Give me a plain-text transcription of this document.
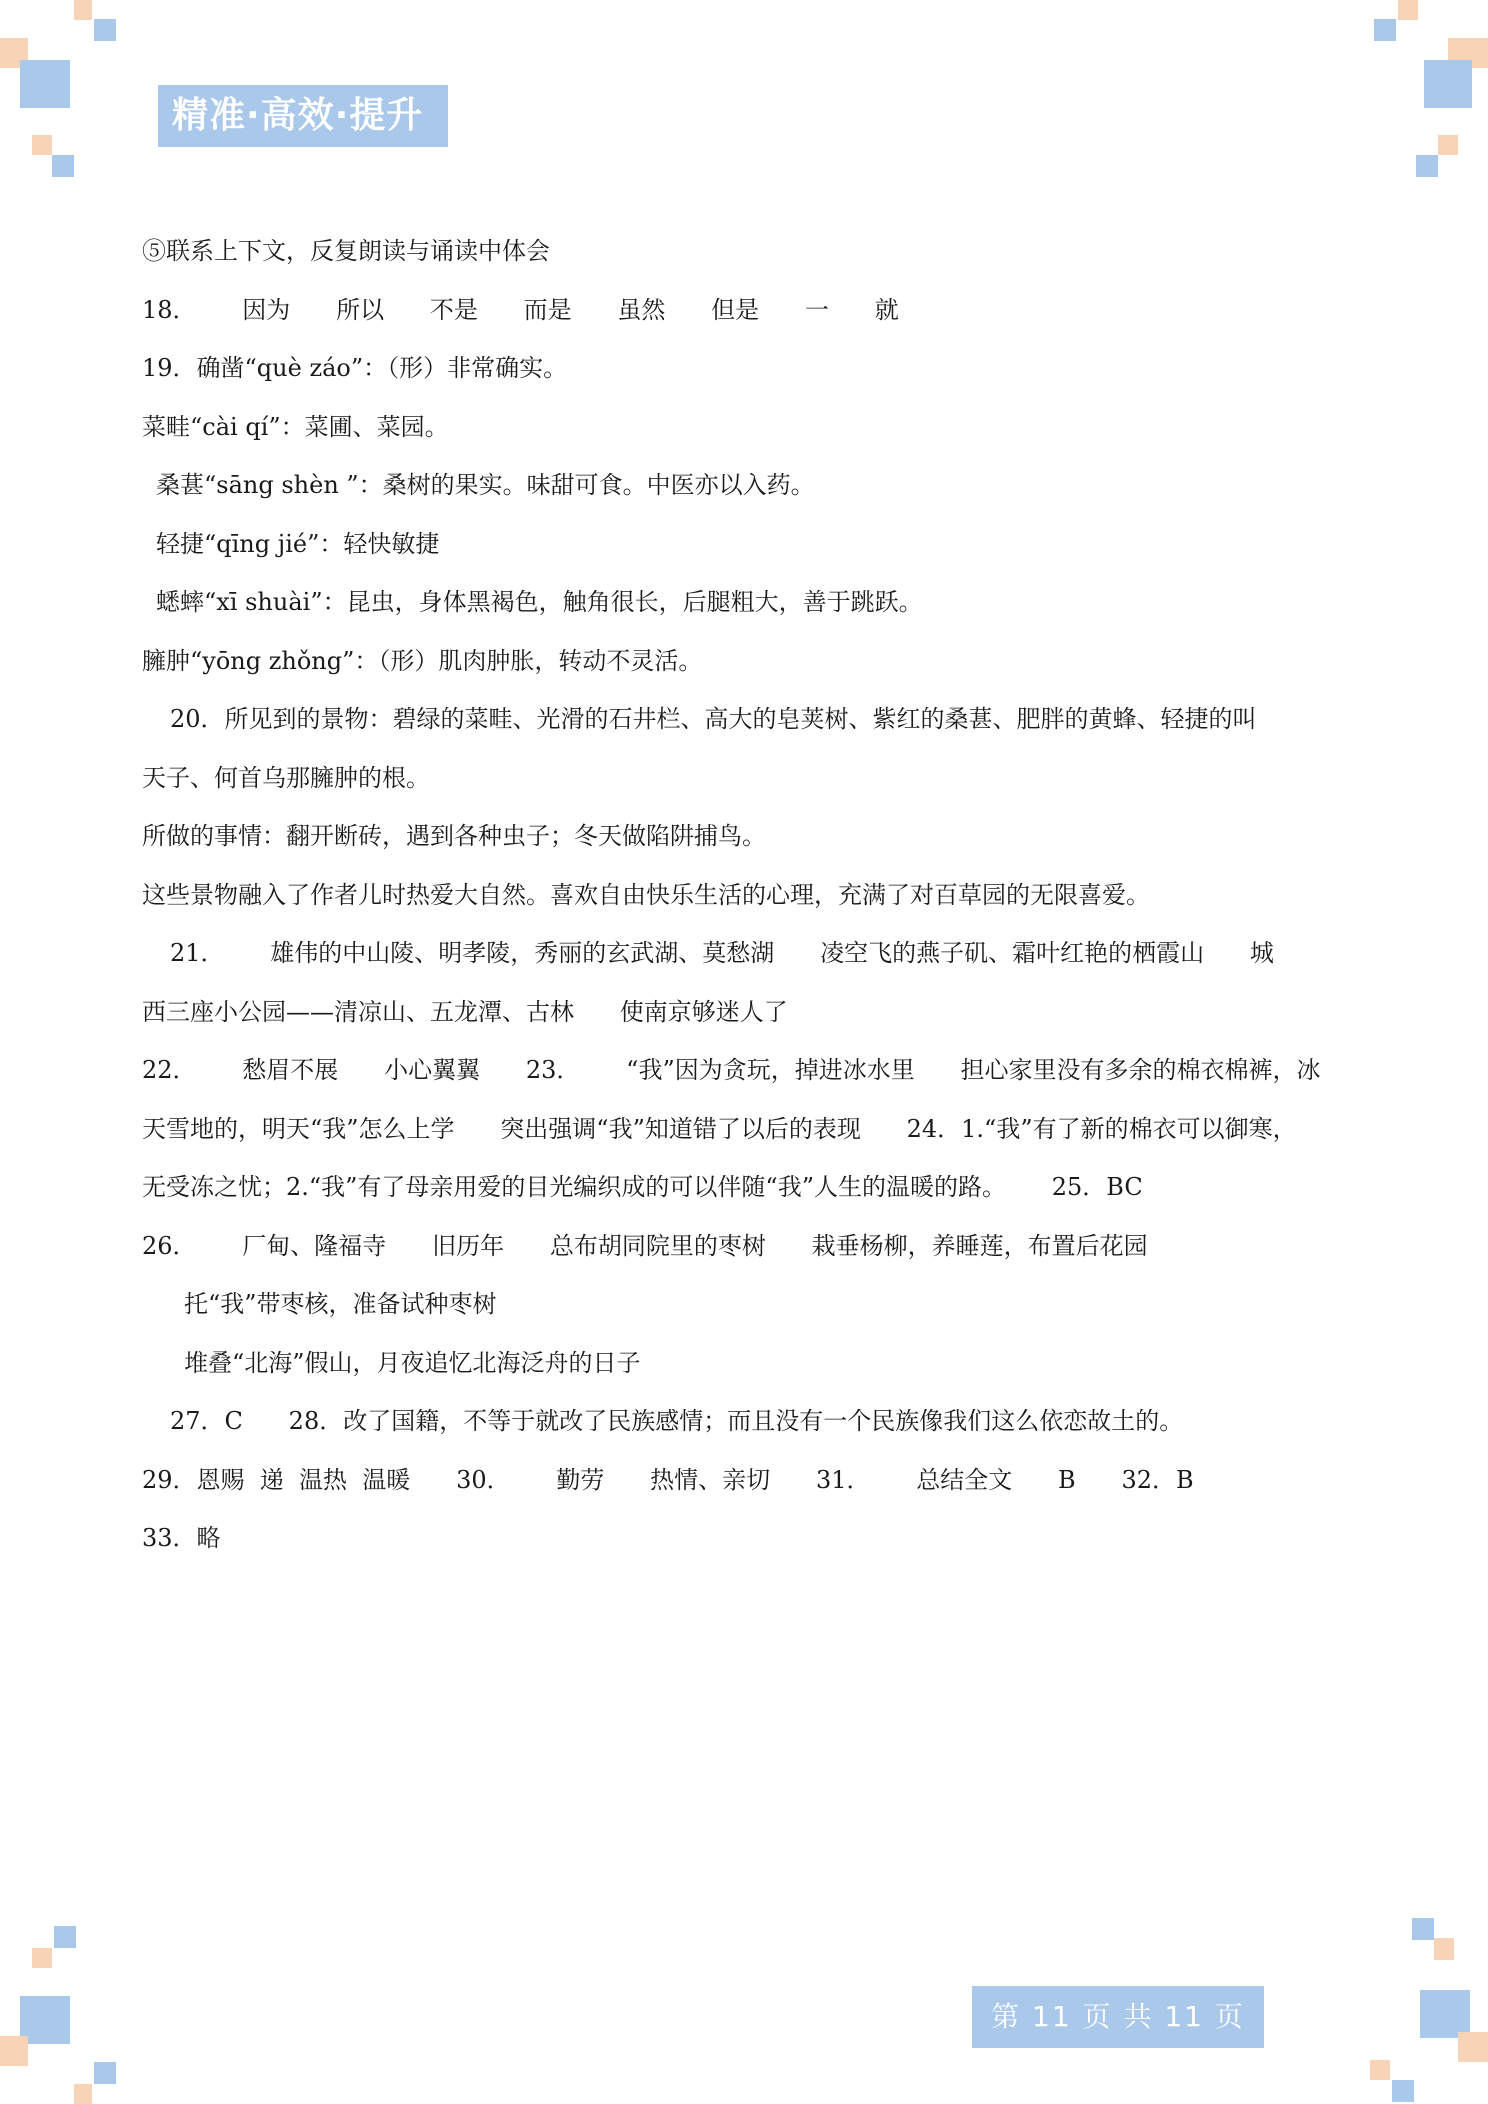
精准·高效·提升
⑤联系上下文，反复朗读与诵读中体会
18．      因为      所以      不是      而是      虽然      但是      一      就
19．确凿“què záo”：（形）非常确实。
菜畦“cài qí”：菜圃、菜园。
桑葚“sāng shèn ”：桑树的果实。味甜可食。中医亦以入药。
轻捷“qīng jié”：轻快敏捷
蟋蟀“xī shuài”：昆虫，身体黑褐色，触角很长，后腿粗大，善于跳跃。
臃肿“yōng zhǒng”：（形）肌肉肿胀，转动不灵活。
20．所见到的景物：碧绿的菜畦、光滑的石井栏、高大的皂荚树、紫红的桑葚、肥胖的黄蜂、轻捷的叫
天子、何首乌那臃肿的根。
所做的事情：翻开断砖，遇到各种虫子；冬天做陷阱捕鸟。
这些景物融入了作者儿时热爱大自然。喜欢自由快乐生活的心理，充满了对百草园的无限喜爱。
21．      雄伟的中山陵、明孝陵，秀丽的玄武湖、莫愁湖      凌空飞的燕子矶、霜叶红艳的栖霞山      城
西三座小公园——清凉山、五龙潭、古林      使南京够迷人了
22．      愁眉不展      小心翼翼      23．      “我”因为贪玩，掉进冰水里      担心家里没有多余的棉衣棉裤，冰
天雪地的，明天“我”怎么上学      突出强调“我”知道错了以后的表现      24．1.“我”有了新的棉衣可以御寒，
无受冻之忧；2.“我”有了母亲用爱的目光编织成的可以伴随“我”人生的温暖的路。      25．BC
26．      厂甸、隆福寺      旧历年      总布胡同院里的枣树      栽垂杨柳，养睡莲，布置后花园
托“我”带枣核，准备试种枣树
堆叠“北海”假山，月夜追忆北海泛舟的日子
27．C      28．改了国籍，不等于就改了民族感情；而且没有一个民族像我们这么依恋故土的。
29．恩赐  递  温热  温暖      30．      勤劳      热情、亲切      31．      总结全文      B      32．B
33．略
第 11 页 共 11 页
